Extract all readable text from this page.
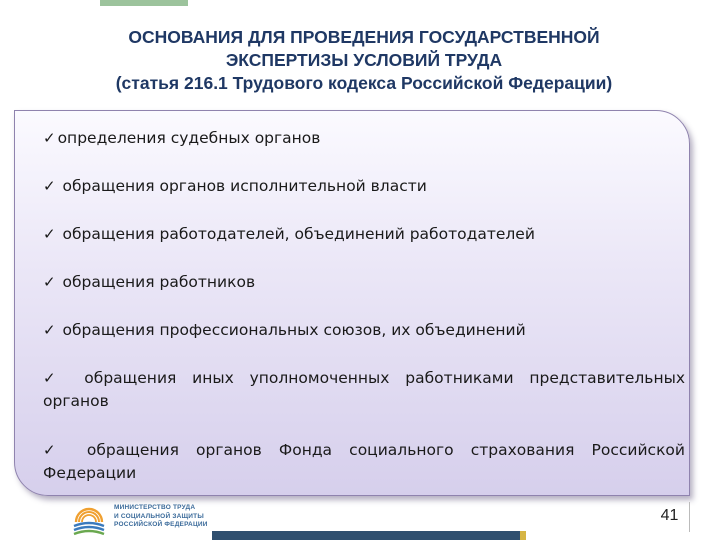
ОСНОВАНИЯ ДЛЯ ПРОВЕДЕНИЯ ГОСУДАРСТВЕННОЙ
ЭКСПЕРТИЗЫ УСЛОВИЙ ТРУДА
(статья 216.1 Трудового кодекса Российской Федерации)
✓ определения судебных органов
✓ обращения органов исполнительной власти
✓ обращения работодателей, объединений работодателей
✓ обращения работников
✓ обращения профессиональных союзов, их объединений
✓ обращения иных уполномоченных работниками представительных органов
✓ обращения органов Фонда социального страхования Российской Федерации
МИНИСТЕРСТВО ТРУДА
И СОЦИАЛЬНОЙ ЗАЩИТЫ
РОССИЙСКОЙ ФЕДЕРАЦИИ
41
